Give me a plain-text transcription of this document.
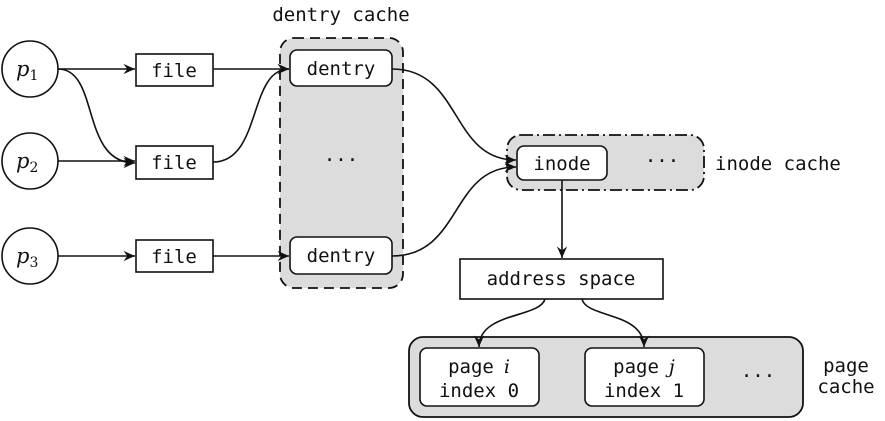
dentry cache
dentry
···
dentry
inode	··· inode cache
page i
index 0
page j
index 1
···	page
cache
p1
p2
p3
file
file
file
address space
